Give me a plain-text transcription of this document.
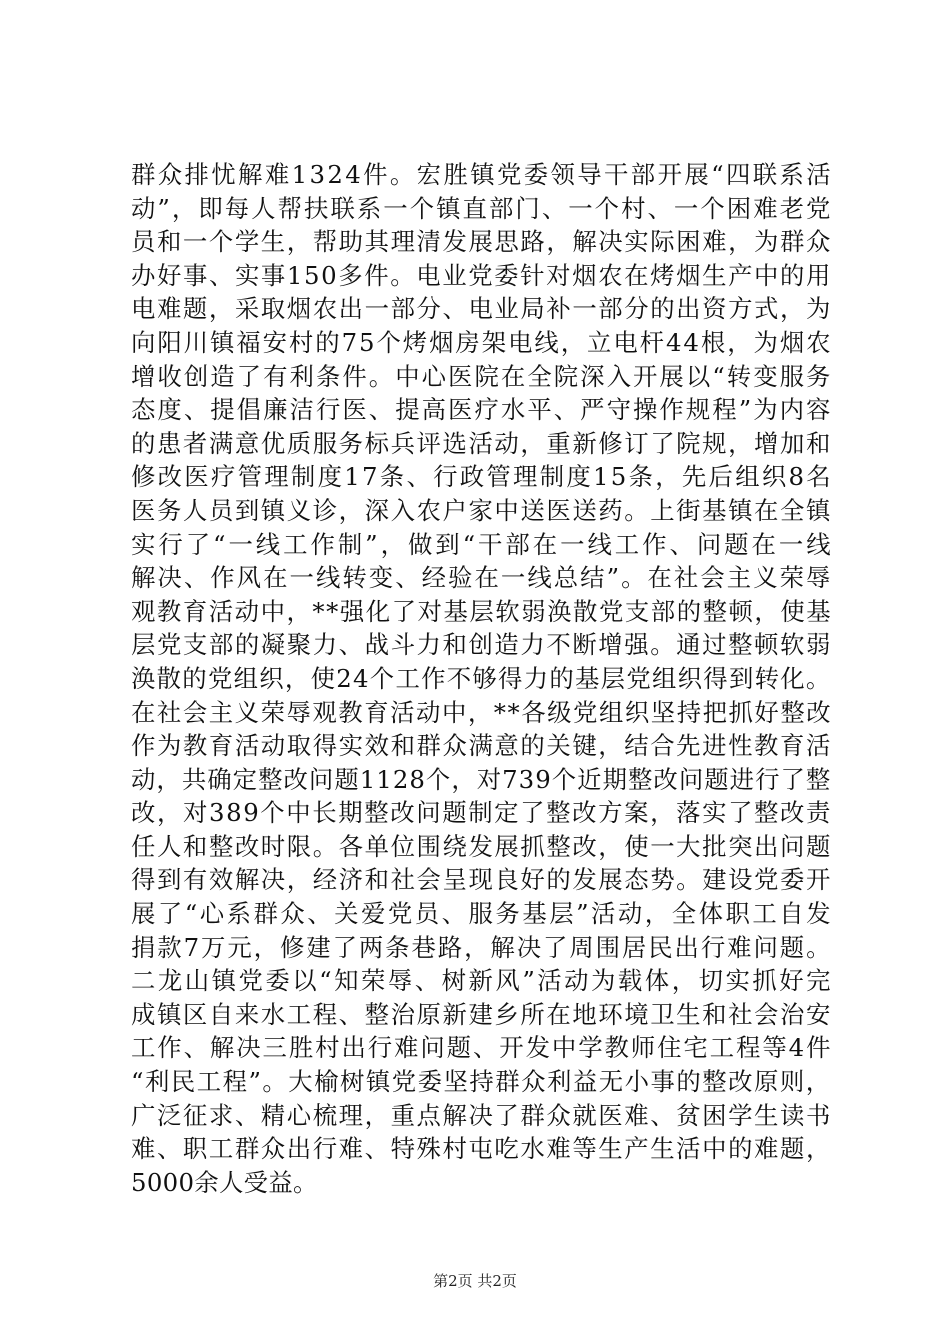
群众排忧解难1324件。宏胜镇党委领导干部开展“四联系活
动”，即每人帮扶联系一个镇直部门、一个村、一个困难老党
员和一个学生，帮助其理清发展思路，解决实际困难，为群众
办好事、实事150多件。电业党委针对烟农在烤烟生产中的用
电难题，采取烟农出一部分、电业局补一部分的出资方式，为
向阳川镇福安村的75个烤烟房架电线，立电杆44根，为烟农
增收创造了有利条件。中心医院在全院深入开展以“转变服务
态度、提倡廉洁行医、提高医疗水平、严守操作规程”为内容
的患者满意优质服务标兵评选活动，重新修订了院规，增加和
修改医疗管理制度17条、行政管理制度15条，先后组织8名
医务人员到镇义诊，深入农户家中送医送药。上街基镇在全镇
实行了“一线工作制”，做到“干部在一线工作、问题在一线
解决、作风在一线转变、经验在一线总结”。在社会主义荣辱
观教育活动中，**强化了对基层软弱涣散党支部的整顿，使基
层党支部的凝聚力、战斗力和创造力不断增强。通过整顿软弱
涣散的党组织，使24个工作不够得力的基层党组织得到转化。
在社会主义荣辱观教育活动中，**各级党组织坚持把抓好整改
作为教育活动取得实效和群众满意的关键，结合先进性教育活
动，共确定整改问题1128个，对739个近期整改问题进行了整
改，对389个中长期整改问题制定了整改方案，落实了整改责
任人和整改时限。各单位围绕发展抓整改，使一大批突出问题
得到有效解决，经济和社会呈现良好的发展态势。建设党委开
展了“心系群众、关爱党员、服务基层”活动，全体职工自发
捐款7万元，修建了两条巷路，解决了周围居民出行难问题。
二龙山镇党委以“知荣辱、树新风”活动为载体，切实抓好完
成镇区自来水工程、整治原新建乡所在地环境卫生和社会治安
工作、解决三胜村出行难问题、开发中学教师住宅工程等4件
“利民工程”。大榆树镇党委坚持群众利益无小事的整改原则，
广泛征求、精心梳理，重点解决了群众就医难、贫困学生读书
难、职工群众出行难、特殊村屯吃水难等生产生活中的难题，
5000余人受益。
第2页 共2页
